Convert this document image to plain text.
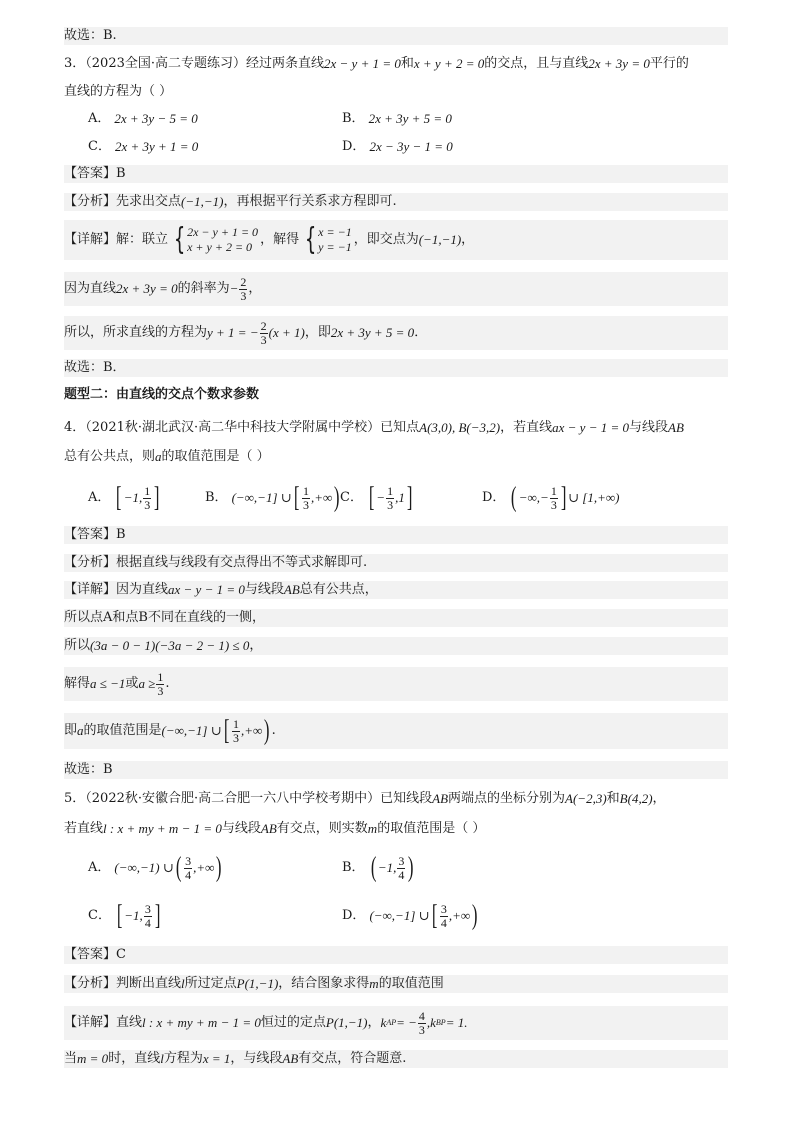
故选：B.
3．（2023全国·高二专题练习）经过两条直线 2x − y + 1 = 0 和 x + y + 2 = 0 的交点，且与直线 2x + 3y = 0 平行的
直线的方程为（ ）
A． 2x + 3y − 5 = 0	B． 2x + 3y + 5 = 0
C． 2x + 3y + 1 = 0	D． 2x − 3y − 1 = 0
【答案】B
【分析】先求出交点 (−1,−1) ，再根据平行关系求方程即可.
【详解】解：联立 { 2x − y + 1 = 0
x + y + 2 = 0 ，解得 { x = −1
y = −1 ，即交点为 (−1,−1) ，
因为直线 2x + 3y = 0 的斜率为 − $\frac{2}{3}$ ，
所以，所求直线的方程为 y + 1 = − $\frac{2}{3} (x + 1)$ ，即 2x + 3y + 5 = 0 ．
故选：B．
题型二：由直线的交点个数求参数
4．（2021秋·湖北武汉·高二华中科技大学附属中学校）已知点 A(3,0), B(−3,2) ，若直线 ax − y − 1 = 0 与线段 AB
总有公共点，则 a 的取值范围是（ ）
A． [ −1, $\frac{1}{3}$ ]	B． (−∞,−1] ∪ [ $\frac{1}{3}$ ,+∞ ) C． [ − $\frac{1}{3} ,1$ ]	D． ( −∞,− $\frac{1}{3}$ ] ∪ [1,+∞)
【答案】B
【分析】根据直线与线段有交点得出不等式求解即可.
【详解】因为直线 ax − y − 1 = 0 与线段 AB 总有公共点，
所以点A和点B不同在直线的一侧，
所以 (3a − 0 − 1)(−3a − 2 − 1) ≤ 0 ，
解得 a ≤ −1 或 $a \ge \frac{1}{3}$ .
即 a 的取值范围是 (−∞,−1] ∪ [ $\frac{1}{3}$ ,+∞ ) .
故选：B
5．（2022秋·安徽合肥·高二合肥一六八中学校考期中）已知线段 AB 两端点的坐标分别为 A(−2,3) 和 B(4,2) ，
若直线 l : x + my + m − 1 = 0 与线段 AB 有交点，则实数 m 的取值范围是（ ）
A． (−∞,−1) ∪ ( $\frac{3}{4}$ ,+∞ )	B． ( −1, $\frac{3}{4}$ )
C． [ −1, $\frac{3}{4}$ ]	D． (−∞,−1] ∪ [ $\frac{3}{4}$ ,+∞ )
【答案】C
【分析】判断出直线 l 所过定点 P(1,−1) ，结合图象求得 m 的取值范围
【详解】直线 l : x + my + m − 1 = 0 恒过的定点 P(1,−1) ， k AP = − $\frac{4}{3}$ , k BP = 1.
当 m = 0 时，直线 l 方程为 x = 1 ，与线段 AB 有交点，符合题意.
